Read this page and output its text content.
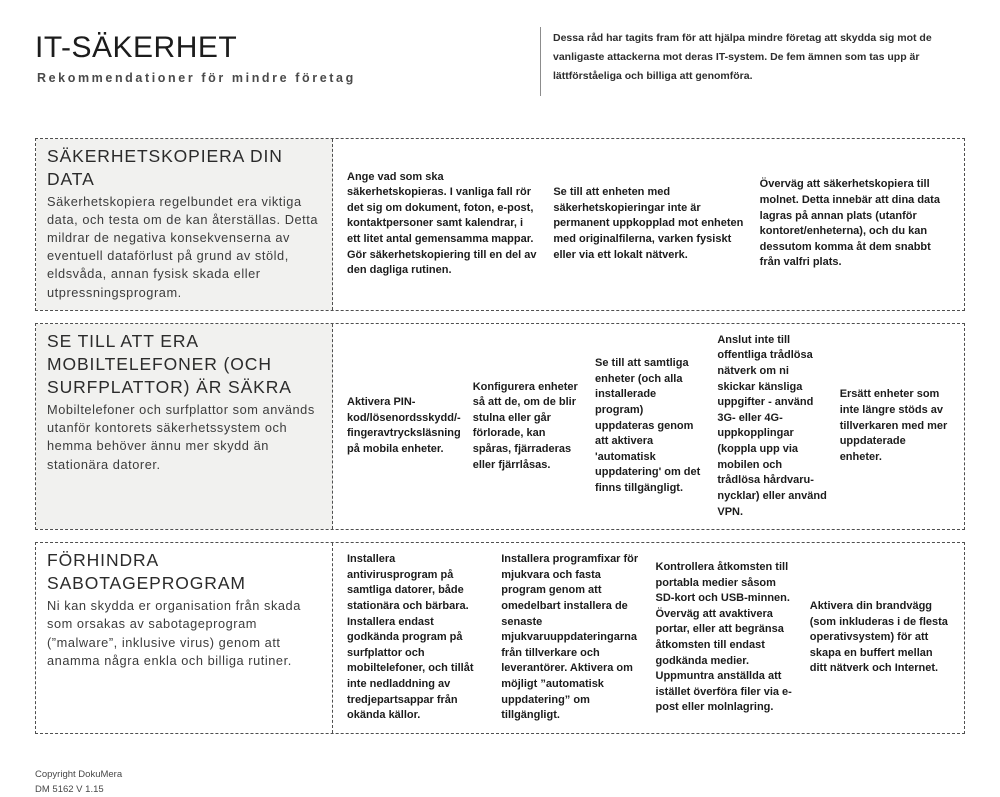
IT-SÄKERHET
Rekommendationer för mindre företag
Dessa råd har tagits fram för att hjälpa mindre företag att skydda sig mot de vanligaste attackerna mot deras IT-system. De fem ämnen som tas upp är lättförståeliga och billiga att genomföra.
SÄKERHETSKOPIERA DIN DATA

Säkerhetskopiera regelbundet era viktiga data, och testa om de kan återställas. Detta mildrar de negativa konsekvenserna av eventuell dataförlust på grund av stöld, eldsvåda, annan fysisk skada eller utpressningsprogram.

Ange vad som ska säkerhetskopieras. I vanliga fall rör det sig om dokument, foton, e-post, kontaktpersoner samt kalendrar, i ett litet antal gemensamma mappar. Gör säkerhetskopiering till en del av den dagliga rutinen.

Se till att enheten med säkerhetskopieringar inte är permanent uppkopplad mot enheten med originalfilerna, varken fysiskt eller via ett lokalt nätverk.

Överväg att säkerhetskopiera till molnet. Detta innebär att dina data lagras på annan plats (utanför kontoret/enheterna), och du kan dessutom komma åt dem snabbt från valfri plats.

SE TILL ATT ERA MOBILTELEFONER (OCH SURFPLATTOR) ÄR SÄKRA

Mobiltelefoner och surfplattor som används utanför kontorets säkerhetssystem och hemma behöver ännu mer skydd än stationära datorer.

Aktivera PIN-kod/lösenordsskydd/-fingeravtrycksläsning på mobila enheter.

Konfigurera enheter så att de, om de blir stulna eller går förlorade, kan spåras, fjärraderas eller fjärrlåsas.

Se till att samtliga enheter (och alla installerade program) uppdateras genom att aktivera 'automatisk uppdatering' om det finns tillgängligt.

Anslut inte till offentliga trådlösa nätverk om ni skickar känsliga uppgifter - använd 3G- eller 4G-uppkopplingar (koppla upp via mobilen och trådlösa hårdvaru-nycklar) eller använd VPN.

Ersätt enheter som inte längre stöds av tillverkaren med mer uppdaterade enheter.

FÖRHINDRA SABOTAGEPROGRAM

Ni kan skydda er organisation från skada som orsakas av sabotageprogram (”malware”, inklusive virus) genom att anamma några enkla och billiga rutiner.

Installera antivirusprogram på samtliga datorer, både stationära och bärbara. Installera endast godkända program på surfplattor och mobiltelefoner, och tillåt inte nedladdning av tredjepartsappar från okända källor.

Installera programfixar för mjukvara och fasta program genom att omedelbart installera de senaste mjukvaruuppdateringarna från tillverkare och leverantörer. Aktivera om möjligt ”automatisk uppdatering” om tillgängligt.

Kontrollera åtkomsten till portabla medier såsom SD-kort och USB-minnen. Överväg att avaktivera portar, eller att begränsa åtkomsten till endast godkända medier. Uppmuntra anställda att istället överföra filer via e-post eller molnlagring.

Aktivera din brandvägg (som inkluderas i de flesta operativsystem) för att skapa en buffert mellan ditt nätverk och Internet.

Copyright DokuMera
DM 5162 V 1.15
